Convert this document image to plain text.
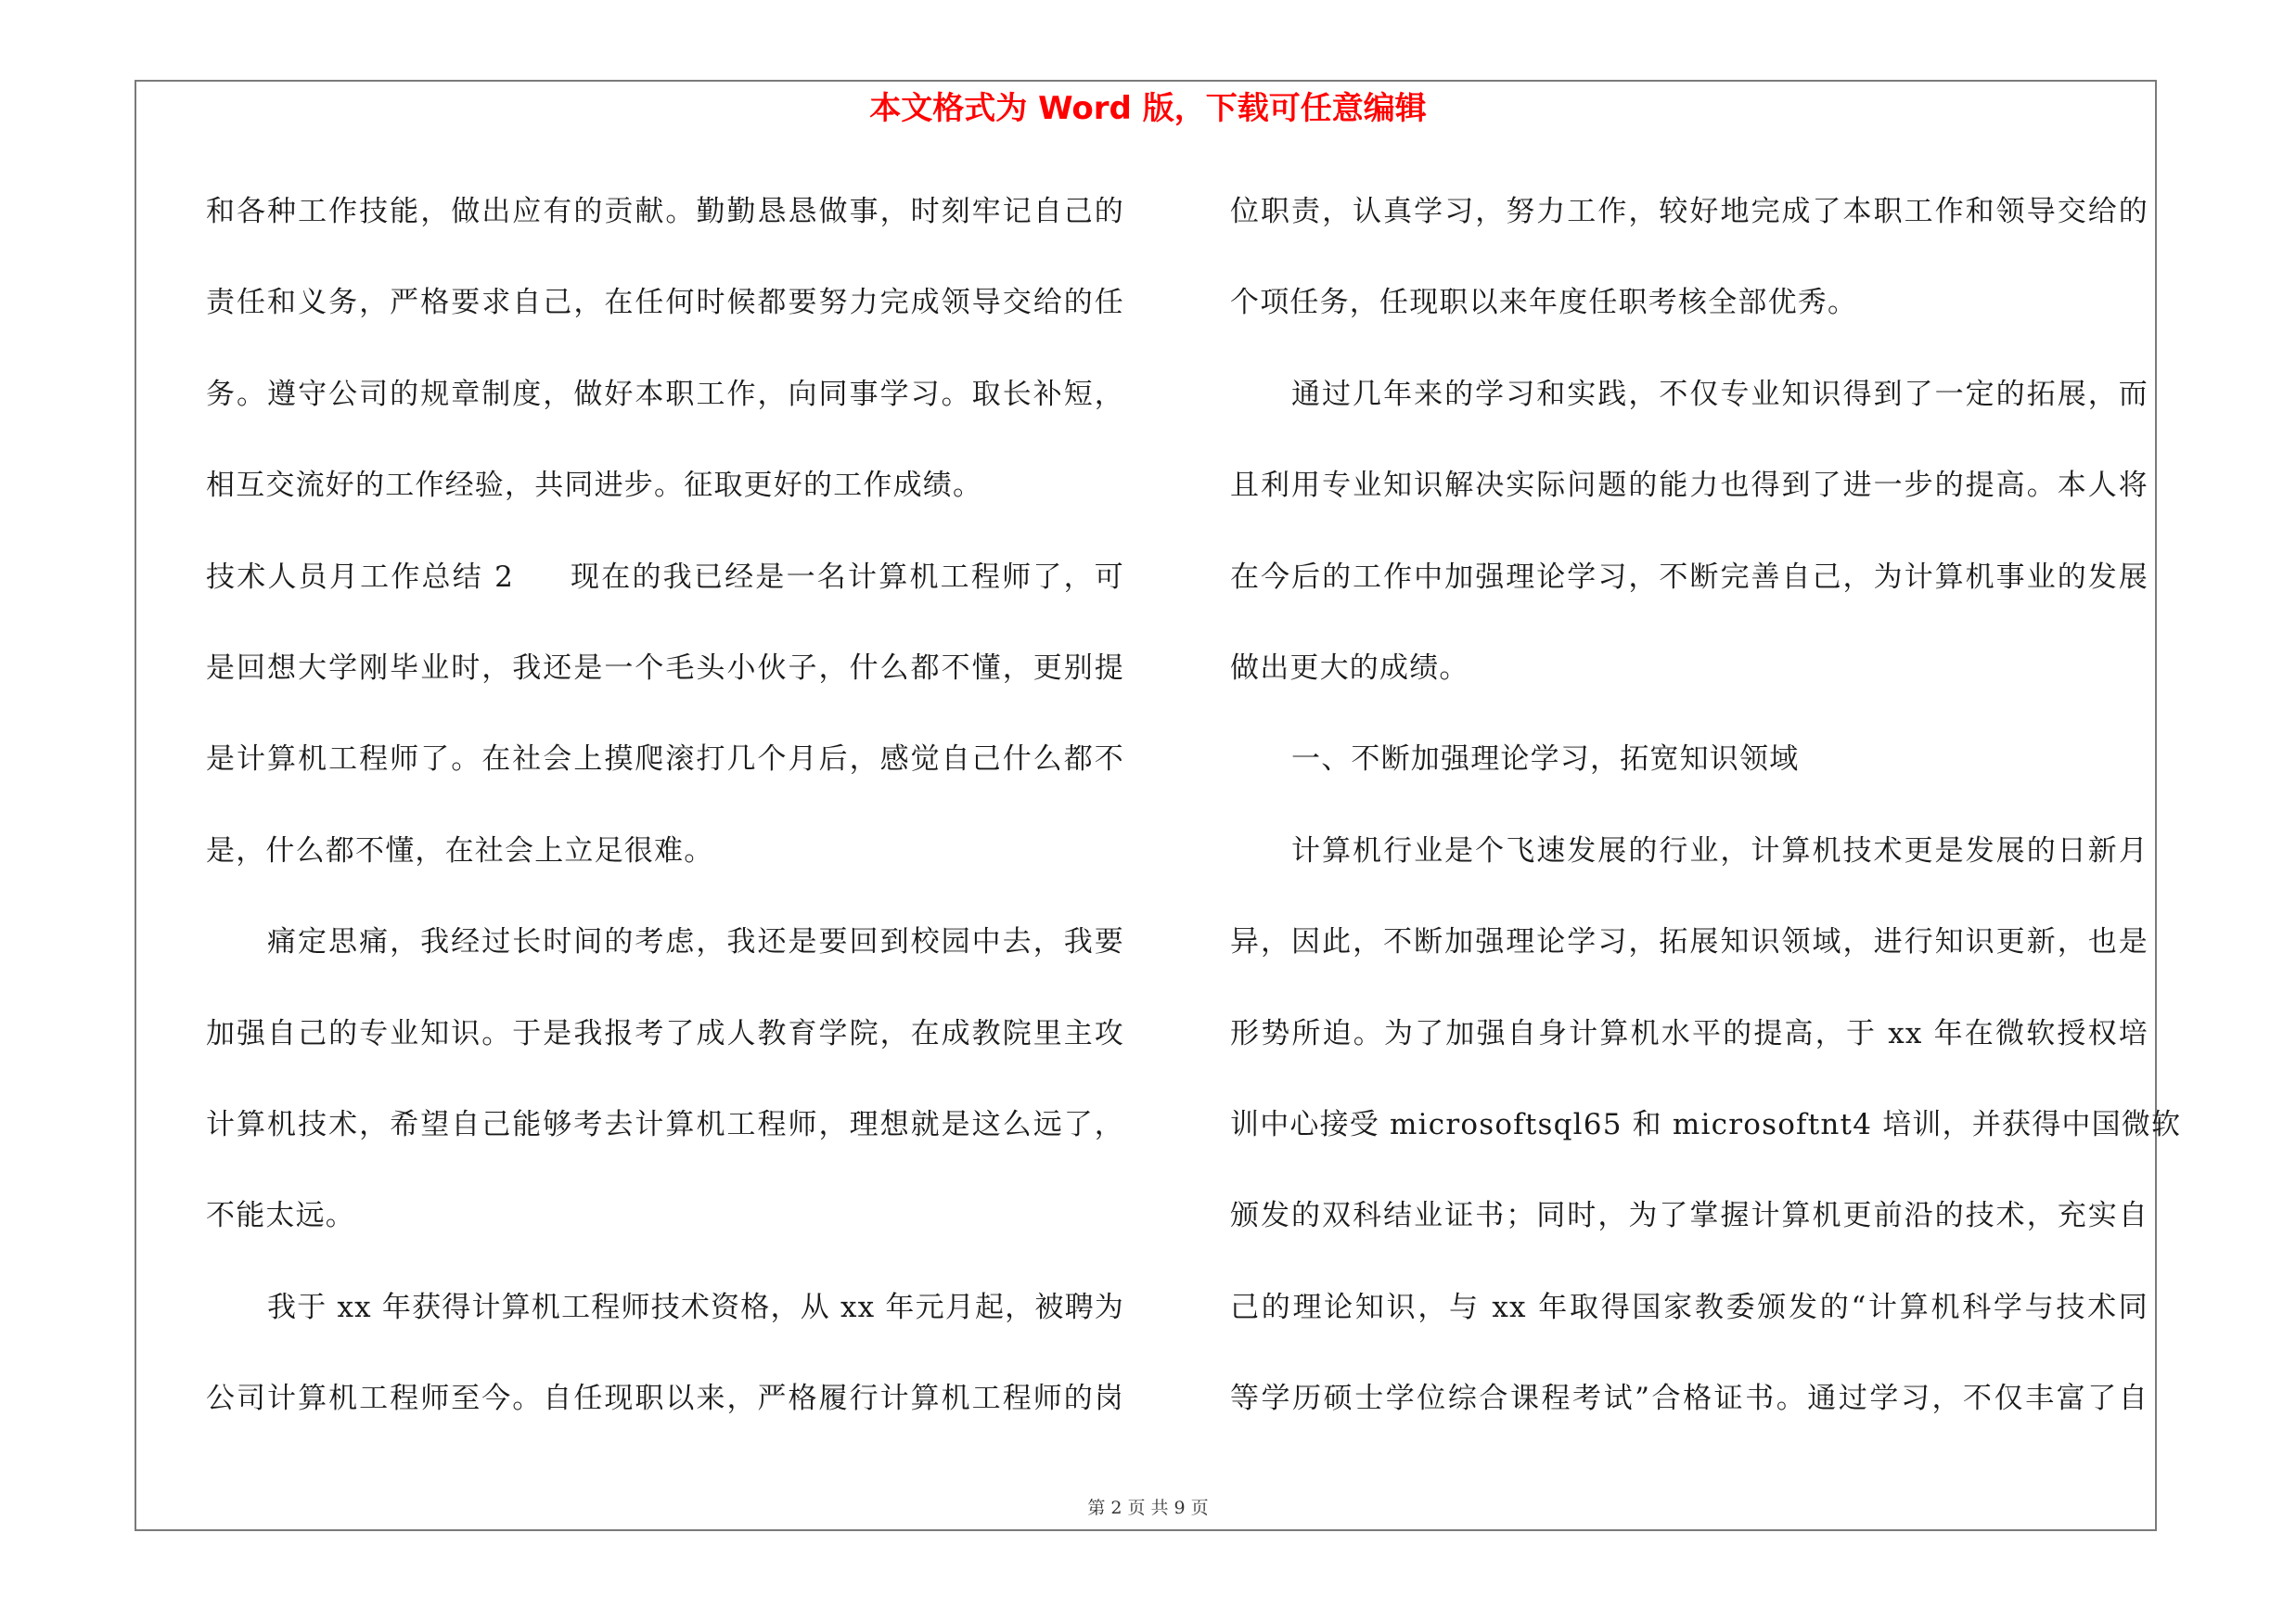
本文格式为 Word 版，下载可任意编辑
和各种工作技能，做出应有的贡献。勤勤恳恳做事，时刻牢记自己的
责任和义务，严格要求自己，在任何时候都要努力完成领导交给的任
务。遵守公司的规章制度，做好本职工作，向同事学习。取长补短，
相互交流好的工作经验，共同进步。征取更好的工作成绩。
技术人员月工作总结 2 现在的我已经是一名计算机工程师了，可
是回想大学刚毕业时，我还是一个毛头小伙子，什么都不懂，更别提
是计算机工程师了。在社会上摸爬滚打几个月后，感觉自己什么都不
是，什么都不懂，在社会上立足很难。
痛定思痛，我经过长时间的考虑，我还是要回到校园中去，我要
加强自己的专业知识。于是我报考了成人教育学院，在成教院里主攻
计算机技术，希望自己能够考去计算机工程师，理想就是这么远了，
不能太远。
我于 xx 年获得计算机工程师技术资格，从 xx 年元月起，被聘为
公司计算机工程师至今。自任现职以来，严格履行计算机工程师的岗
位职责，认真学习，努力工作，较好地完成了本职工作和领导交给的
个项任务，任现职以来年度任职考核全部优秀。
通过几年来的学习和实践，不仅专业知识得到了一定的拓展，而
且利用专业知识解决实际问题的能力也得到了进一步的提高。本人将
在今后的工作中加强理论学习，不断完善自己，为计算机事业的发展
做出更大的成绩。
一、不断加强理论学习，拓宽知识领域
计算机行业是个飞速发展的行业，计算机技术更是发展的日新月
异，因此，不断加强理论学习，拓展知识领域，进行知识更新，也是
形势所迫。为了加强自身计算机水平的提高，于 xx 年在微软授权培
训中心接受 microsoftsql65 和 microsoftnt4 培训，并获得中国微软
颁发的双科结业证书；同时，为了掌握计算机更前沿的技术，充实自
己的理论知识，与 xx 年取得国家教委颁发的“计算机科学与技术同
等学历硕士学位综合课程考试”合格证书。通过学习，不仅丰富了自
第 2 页 共 9 页
